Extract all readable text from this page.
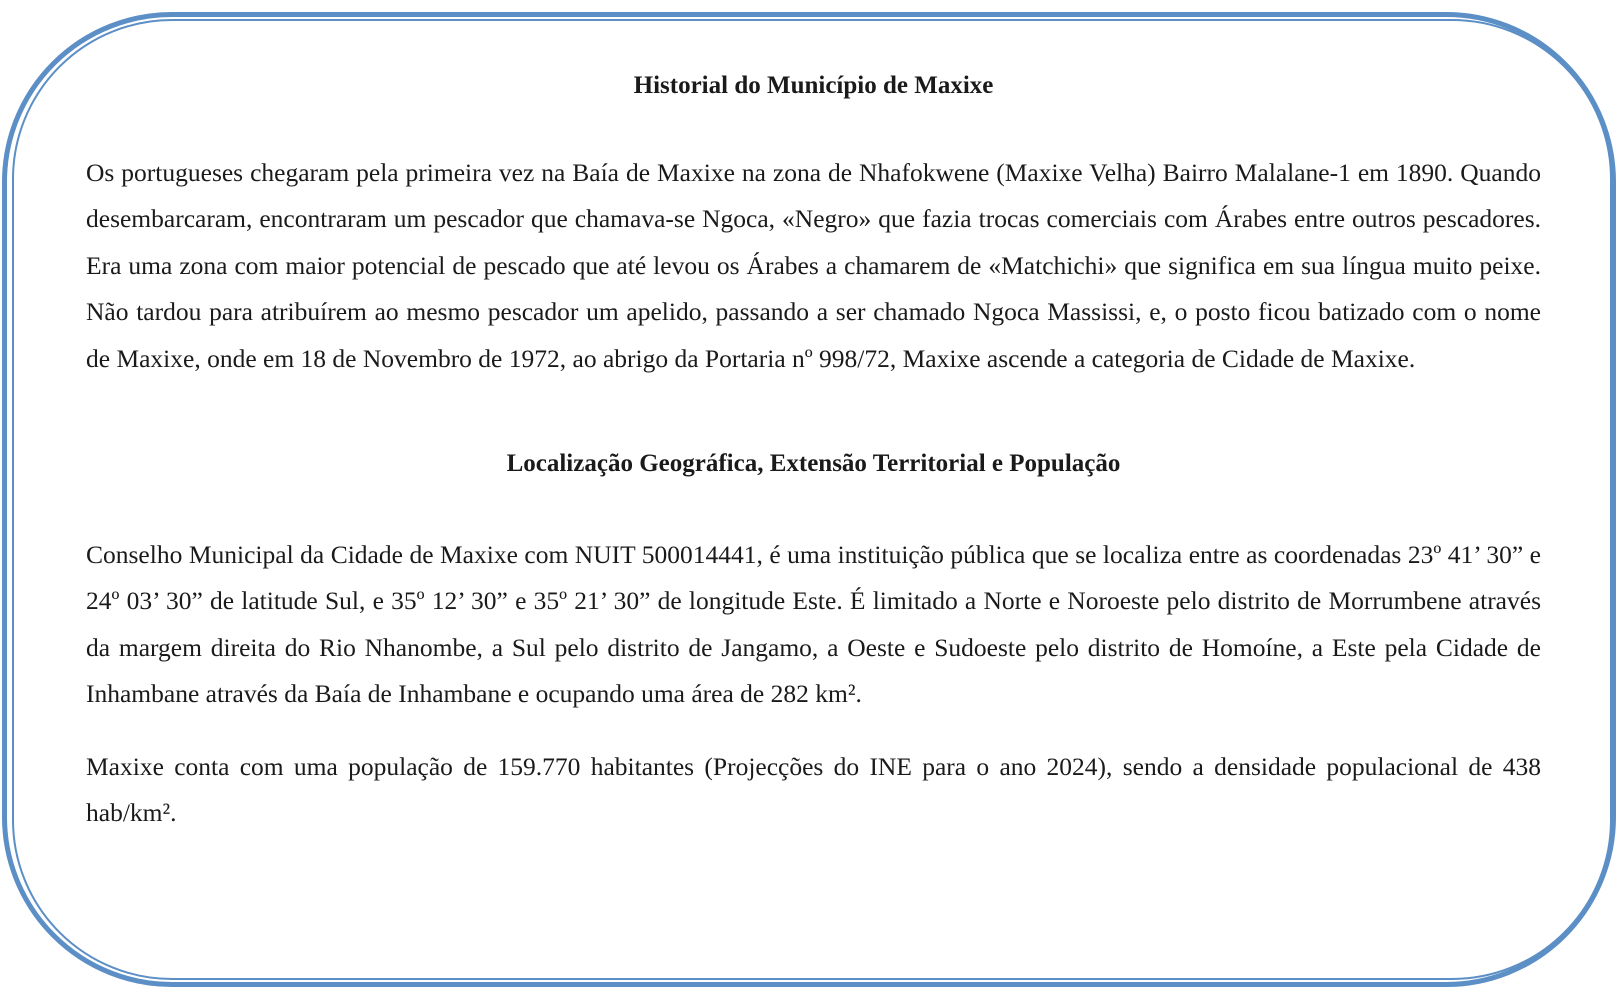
Historial do Município de Maxixe

Os portugueses chegaram pela primeira vez na Baía de Maxixe na zona de Nhafokwene (Maxixe Velha) Bairro Malalane-1 em 1890. Quando desembarcaram, encontraram um pescador que chamava-se Ngoca, «Negro» que fazia trocas comerciais com Árabes entre outros pescadores. Era uma zona com maior potencial de pescado que até levou os Árabes a chamarem de «Matchichi» que significa em sua língua muito peixe. Não tardou para atribuírem ao mesmo pescador um apelido, passando a ser chamado Ngoca Massissi, e, o posto ficou batizado com o nome de Maxixe, onde em 18 de Novembro de 1972, ao abrigo da Portaria nº 998/72, Maxixe ascende a categoria de Cidade de Maxixe.

Localização Geográfica, Extensão Territorial e População

Conselho Municipal da Cidade de Maxixe com NUIT 500014441, é uma instituição pública que se localiza entre as coordenadas 23º 41’ 30” e 24º 03’ 30” de latitude Sul, e 35º 12’ 30” e 35º 21’ 30” de longitude Este. É limitado a Norte e Noroeste pelo distrito de Morrumbene através da margem direita do Rio Nhanombe, a Sul pelo distrito de Jangamo, a Oeste e Sudoeste pelo distrito de Homoíne, a Este pela Cidade de Inhambane através da Baía de Inhambane e ocupando uma área de 282 km².

Maxixe conta com uma população de 159.770 habitantes (Projecções do INE para o ano 2024), sendo a densidade populacional de 438 hab/km².
